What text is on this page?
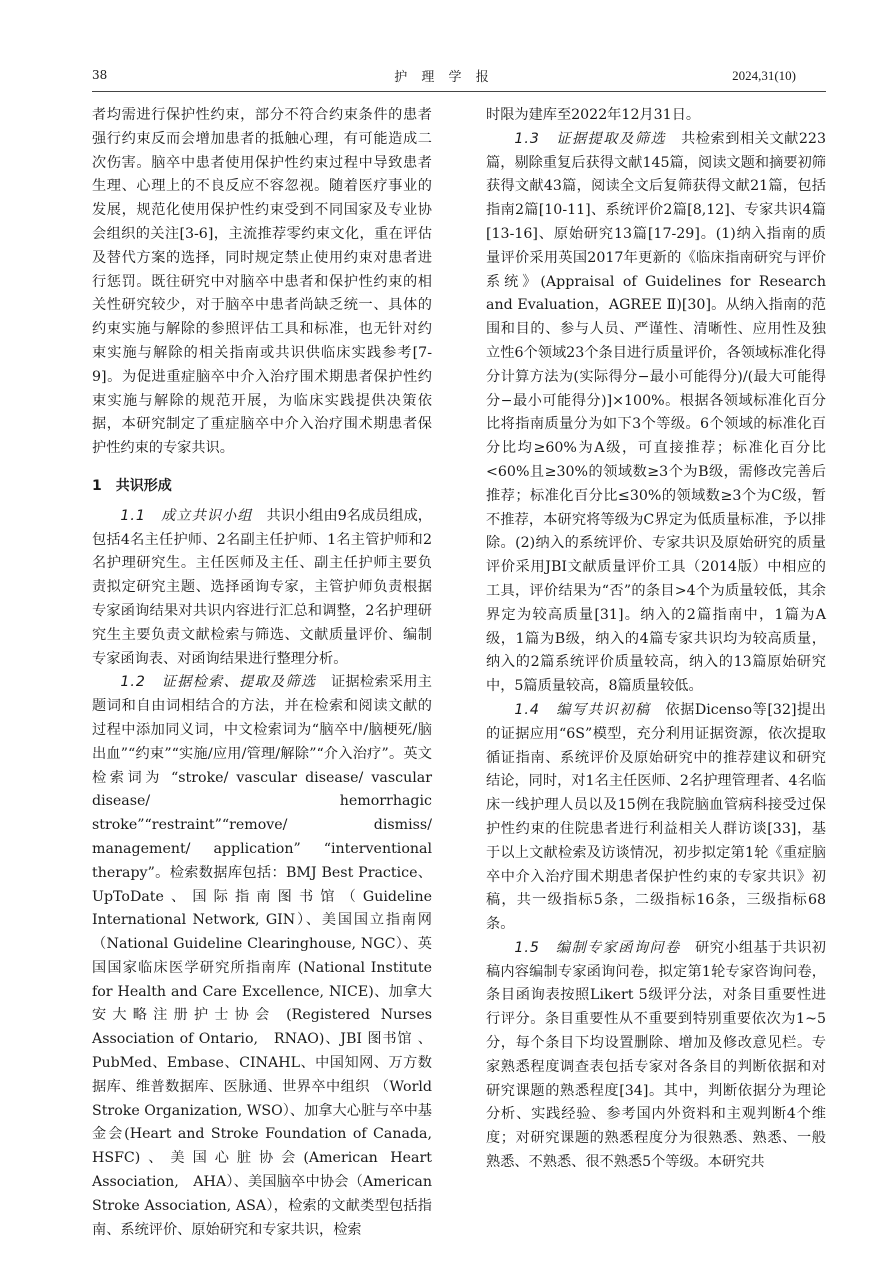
38	护 理 学 报	2024,31(10)

者均需进行保护性约束，部分不符合约束条件的患者强行约束反而会增加患者的抵触心理，有可能造成二次伤害。脑卒中患者使用保护性约束过程中导致患者生理、心理上的不良反应不容忽视。随着医疗事业的发展，规范化使用保护性约束受到不同国家及专业协会组织的关注[3-6]，主流推荐零约束文化，重在评估及替代方案的选择，同时规定禁止使用约束对患者进行惩罚。既往研究中对脑卒中患者和保护性约束的相关性研究较少，对于脑卒中患者尚缺乏统一、具体的约束实施与解除的参照评估工具和标准，也无针对约束实施与解除的相关指南或共识供临床实践参考[7-9]。为促进重症脑卒中介入治疗围术期患者保护性约束实施与解除的规范开展，为临床实践提供决策依据，本研究制定了重症脑卒中介入治疗围术期患者保护性约束的专家共识。

1　共识形成

1.1　成立共识小组　共识小组由9名成员组成，包括4名主任护师、2名副主任护师、1名主管护师和2名护理研究生。主任医师及主任、副主任护师主要负责拟定研究主题、选择函询专家，主管护师负责根据专家函询结果对共识内容进行汇总和调整，2名护理研究生主要负责文献检索与筛选、文献质量评价、编制专家函询表、对函询结果进行整理分析。

1.2　证据检索、提取及筛选　证据检索采用主题词和自由词相结合的方法，并在检索和阅读文献的过程中添加同义词，中文检索词为“脑卒中/脑梗死/脑出血”“约束”“实施/应用/管理/解除”“介入治疗”。英文检索词为 “stroke/ vascular disease/ vascular disease/ hemorrhagic stroke”“restraint”“remove/ dismiss/ management/ application” “interventional therapy”。检索数据库包括：BMJ Best Practice、UpToDate、国际指南图书馆（Guideline International Network, GIN）、美国国立指南网 （National Guideline Clearinghouse, NGC）、英国国家临床医学研究所指南库 (National Institute for Health and Care Excellence, NICE)、加拿大安大略注册护士协会 (Registered Nurses Association of Ontario,　RNAO)、JBI 图书馆 、PubMed、Embase、CINAHL、中国知网、万方数据库、维普数据库、医脉通、世界卒中组织 （World Stroke Organization, WSO）、加拿大心脏与卒中基金会(Heart and Stroke Foundation of Canada, HSFC)、美国心脏协会(American Heart Association,　AHA）、美国脑卒中协会（American Stroke Association, ASA），检索的文献类型包括指南、系统评价、原始研究和专家共识，检索

时限为建库至2022年12月31日。

1.3　证据提取及筛选　共检索到相关文献223篇，剔除重复后获得文献145篇，阅读文题和摘要初筛获得文献43篇，阅读全文后复筛获得文献21篇，包括指南2篇[10-11]、系统评价2篇[8,12]、专家共识4篇[13-16]、原始研究13篇[17-29]。(1)纳入指南的质量评价采用英国2017年更新的《临床指南研究与评价系统》(Appraisal of Guidelines for Research and Evaluation，AGREE Ⅱ)[30]。从纳入指南的范围和目的、参与人员、严谨性、清晰性、应用性及独立性6个领域23个条目进行质量评价，各领域标准化得分计算方法为(实际得分−最小可能得分)/(最大可能得分−最小可能得分)]×100%。根据各领域标准化百分比将指南质量分为如下3个等级。6个领域的标准化百分比均≥60%为A级，可直接推荐；标准化百分比<60%且≥30%的领域数≥3个为B级，需修改完善后推荐；标准化百分比≤30%的领域数≥3个为C级，暂不推荐，本研究将等级为C界定为低质量标准，予以排除。(2)纳入的系统评价、专家共识及原始研究的质量评价采用JBI文献质量评价工具（2014版）中相应的工具，评价结果为“否”的条目>4个为质量较低，其余界定为较高质量[31]。纳入的2篇指南中，1篇为A级，1篇为B级，纳入的4篇专家共识均为较高质量，纳入的2篇系统评价质量较高，纳入的13篇原始研究中，5篇质量较高，8篇质量较低。

1.4　编写共识初稿　依据Dicenso等[32]提出的证据应用“6S”模型，充分利用证据资源，依次提取循证指南、系统评价及原始研究中的推荐建议和研究结论，同时，对1名主任医师、2名护理管理者、4名临床一线护理人员以及15例在我院脑血管病科接受过保护性约束的住院患者进行利益相关人群访谈[33]，基于以上文献检索及访谈情况，初步拟定第1轮《重症脑卒中介入治疗围术期患者保护性约束的专家共识》初稿，共一级指标5条，二级指标16条，三级指标68条。

1.5　编制专家函询问卷　研究小组基于共识初稿内容编制专家函询问卷，拟定第1轮专家咨询问卷，条目函询表按照Likert 5级评分法，对条目重要性进行评分。条目重要性从不重要到特别重要依次为1~5分，每个条目下均设置删除、增加及修改意见栏。专家熟悉程度调查表包括专家对各条目的判断依据和对研究课题的熟悉程度[34]。其中，判断依据分为理论分析、实践经验、参考国内外资料和主观判断4个维度；对研究课题的熟悉程度分为很熟悉、熟悉、一般熟悉、不熟悉、很不熟悉5个等级。本研究共
